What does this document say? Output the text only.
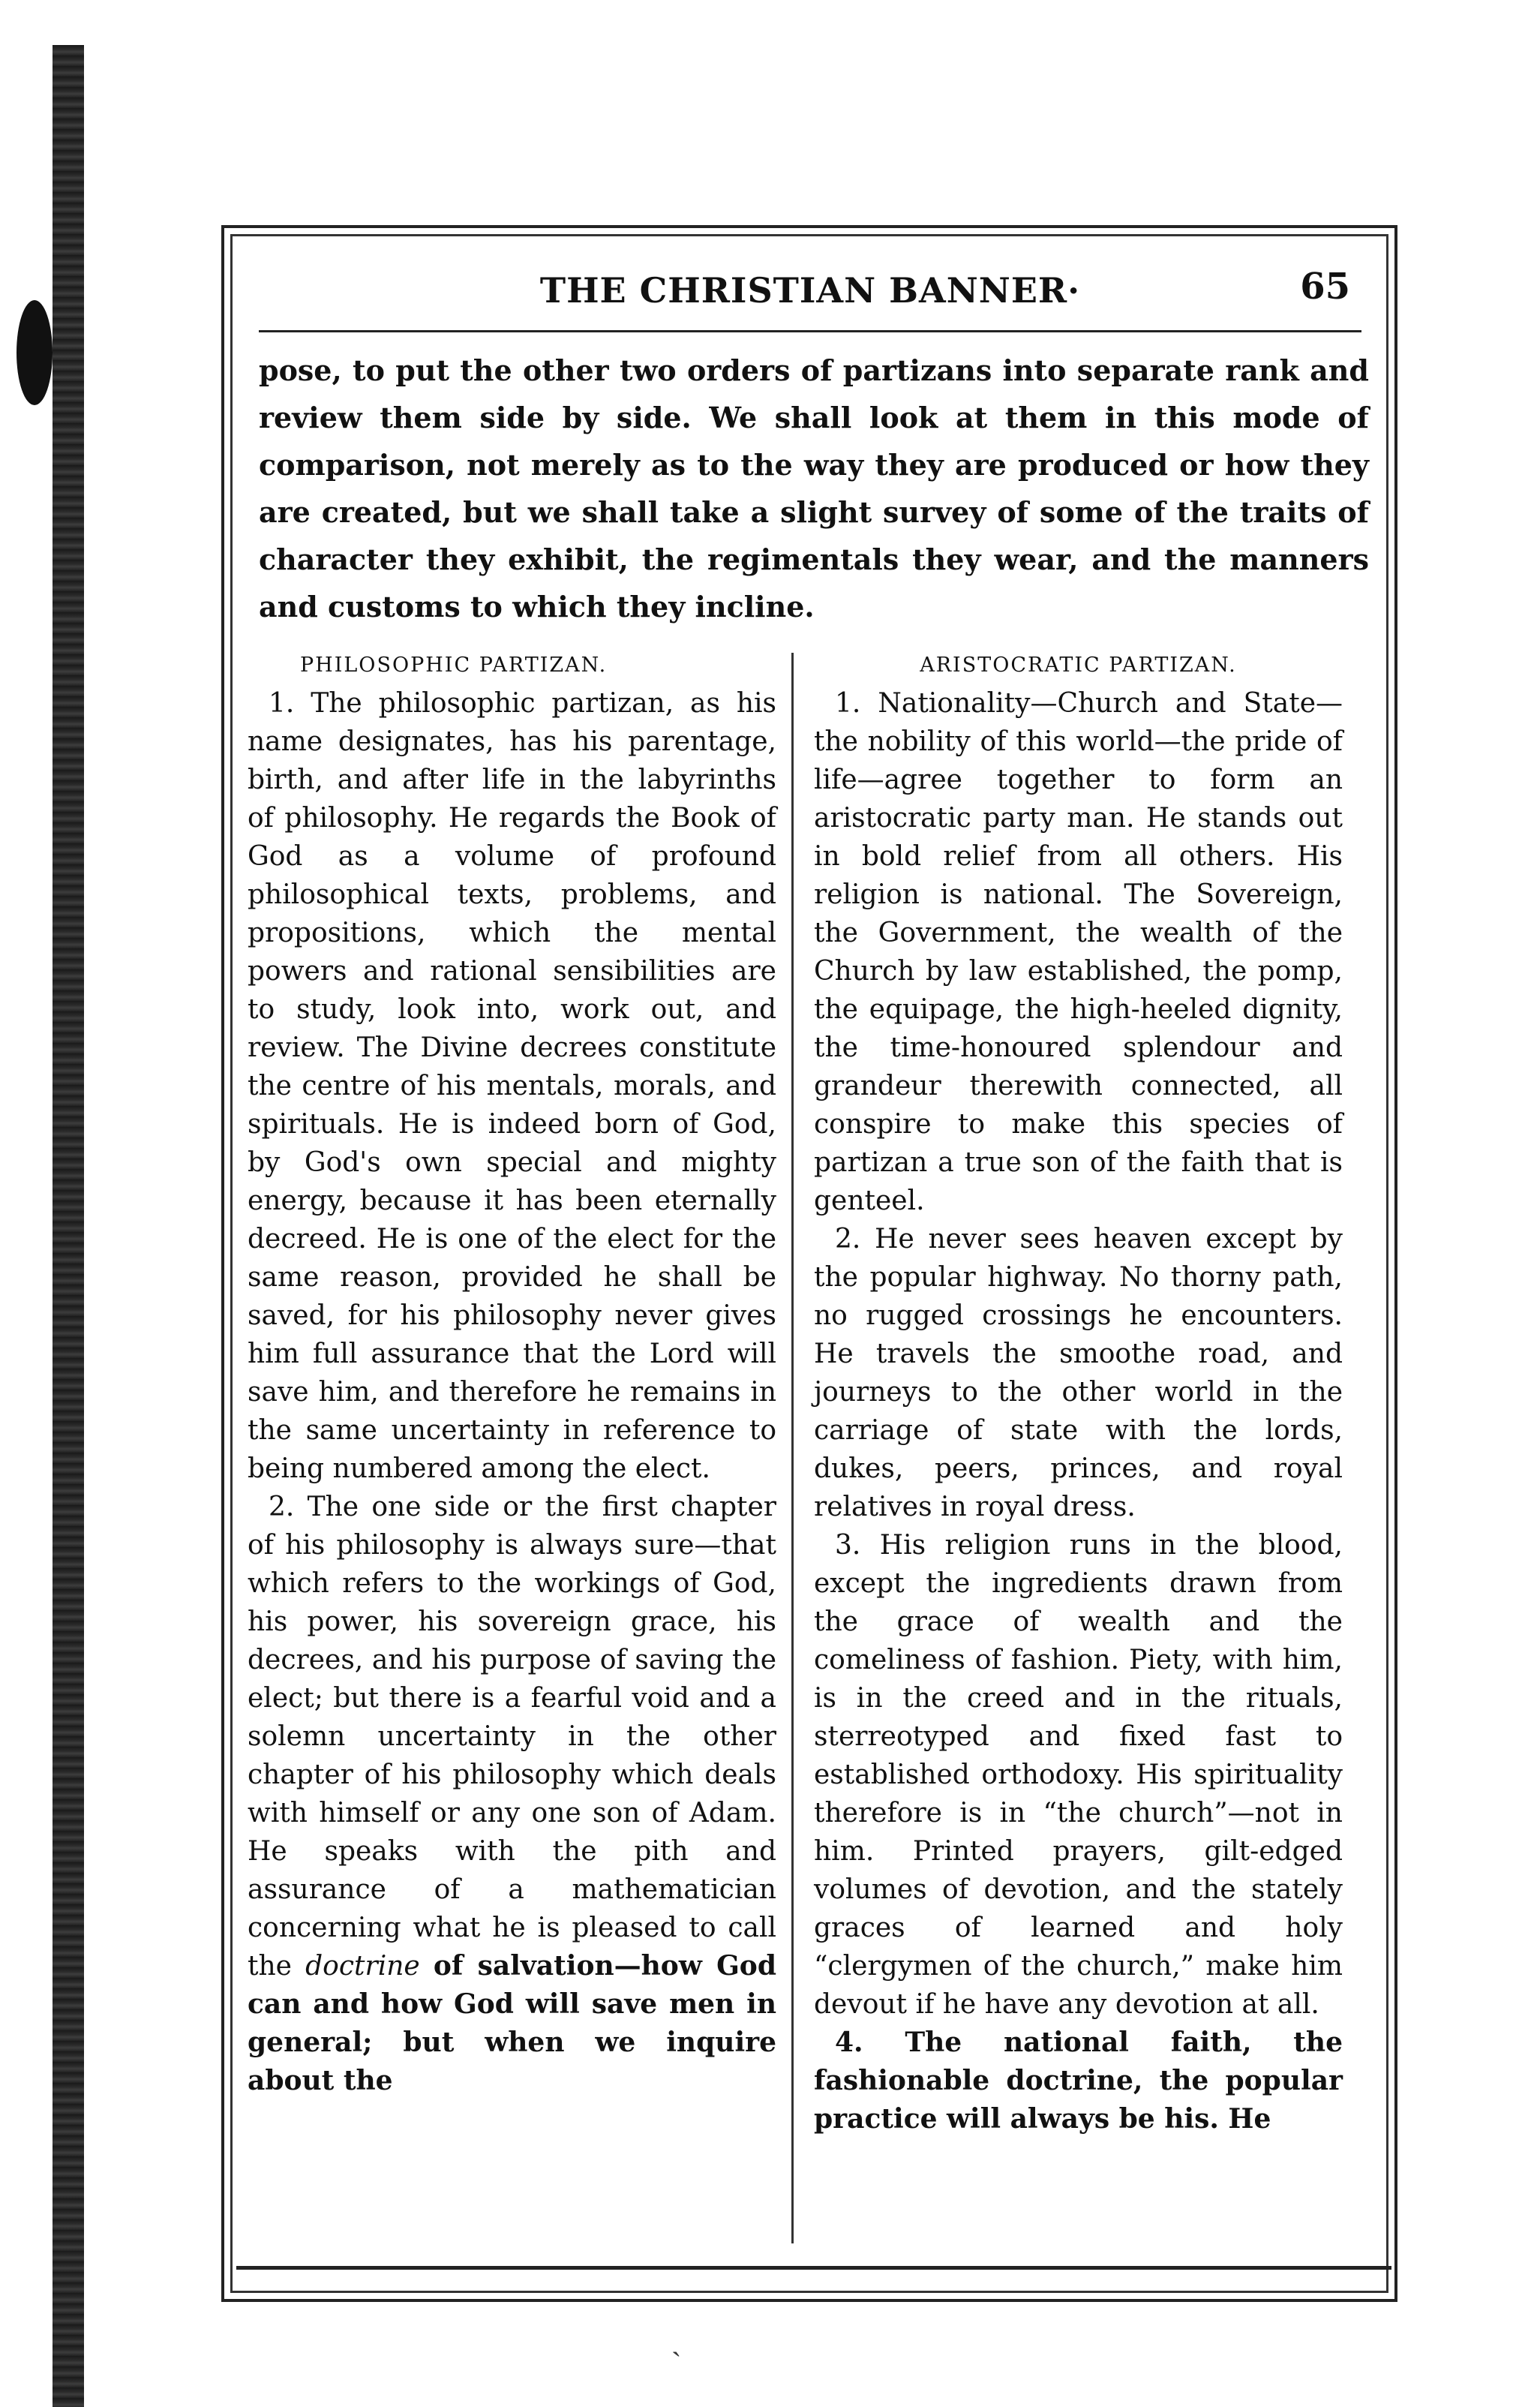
THE CHRISTIAN BANNER·	65
pose, to put the other two orders of partizans into separate rank and review them side by side. We shall look at them in this mode of comparison, not merely as to the way they are produced or how they are created, but we shall take a slight survey of some of the traits of character they exhibit, the regimentals they wear, and the manners and customs to which they incline.
PHILOSOPHIC PARTIZAN.

1. The philosophic partizan, as his name designates, has his parentage, birth, and after life in the labyrinths of philosophy. He regards the Book of God as a volume of profound philosophical texts, problems, and propositions, which the mental powers and rational sensibilities are to study, look into, work out, and review. The Divine decrees constitute the centre of his mentals, morals, and spirituals. He is indeed born of God, by God's own special and mighty energy, because it has been eternally decreed. He is one of the elect for the same reason, provided he shall be saved, for his philosophy never gives him full assurance that the Lord will save him, and therefore he remains in the same uncertainty in reference to being numbered among the elect.

2. The one side or the first chapter of his philosophy is always sure—that which refers to the workings of God, his power, his sovereign grace, his decrees, and his purpose of saving the elect; but there is a fearful void and a solemn uncertainty in the other chapter of his philosophy which deals with himself or any one son of Adam. He speaks with the pith and assurance of a mathematician concerning what he is pleased to call the doctrine of salvation—how God can and how God will save men in general; but when we inquire about the

ARISTOCRATIC PARTIZAN.

1. Nationality—Church and State—the nobility of this world—the pride of life—agree together to form an aristocratic party man. He stands out in bold relief from all others. His religion is national. The Sovereign, the Government, the wealth of the Church by law established, the pomp, the equipage, the high-heeled dignity, the time-honoured splendour and grandeur therewith connected, all conspire to make this species of partizan a true son of the faith that is genteel.

2. He never sees heaven except by the popular highway. No thorny path, no rugged crossings he encounters. He travels the smoothe road, and journeys to the other world in the carriage of state with the lords, dukes, peers, princes, and royal relatives in royal dress.

3. His religion runs in the blood, except the ingredients drawn from the grace of wealth and the comeliness of fashion. Piety, with him, is in the creed and in the rituals, sterreotyped and fixed fast to established orthodoxy. His spirituality therefore is in “the church”—not in him. Printed prayers, gilt-edged volumes of devotion, and the stately graces of learned and holy “clergymen of the church,” make him devout if he have any devotion at all.

4. The national faith, the fashionable doctrine, the popular practice will always be his. He

ˎ
